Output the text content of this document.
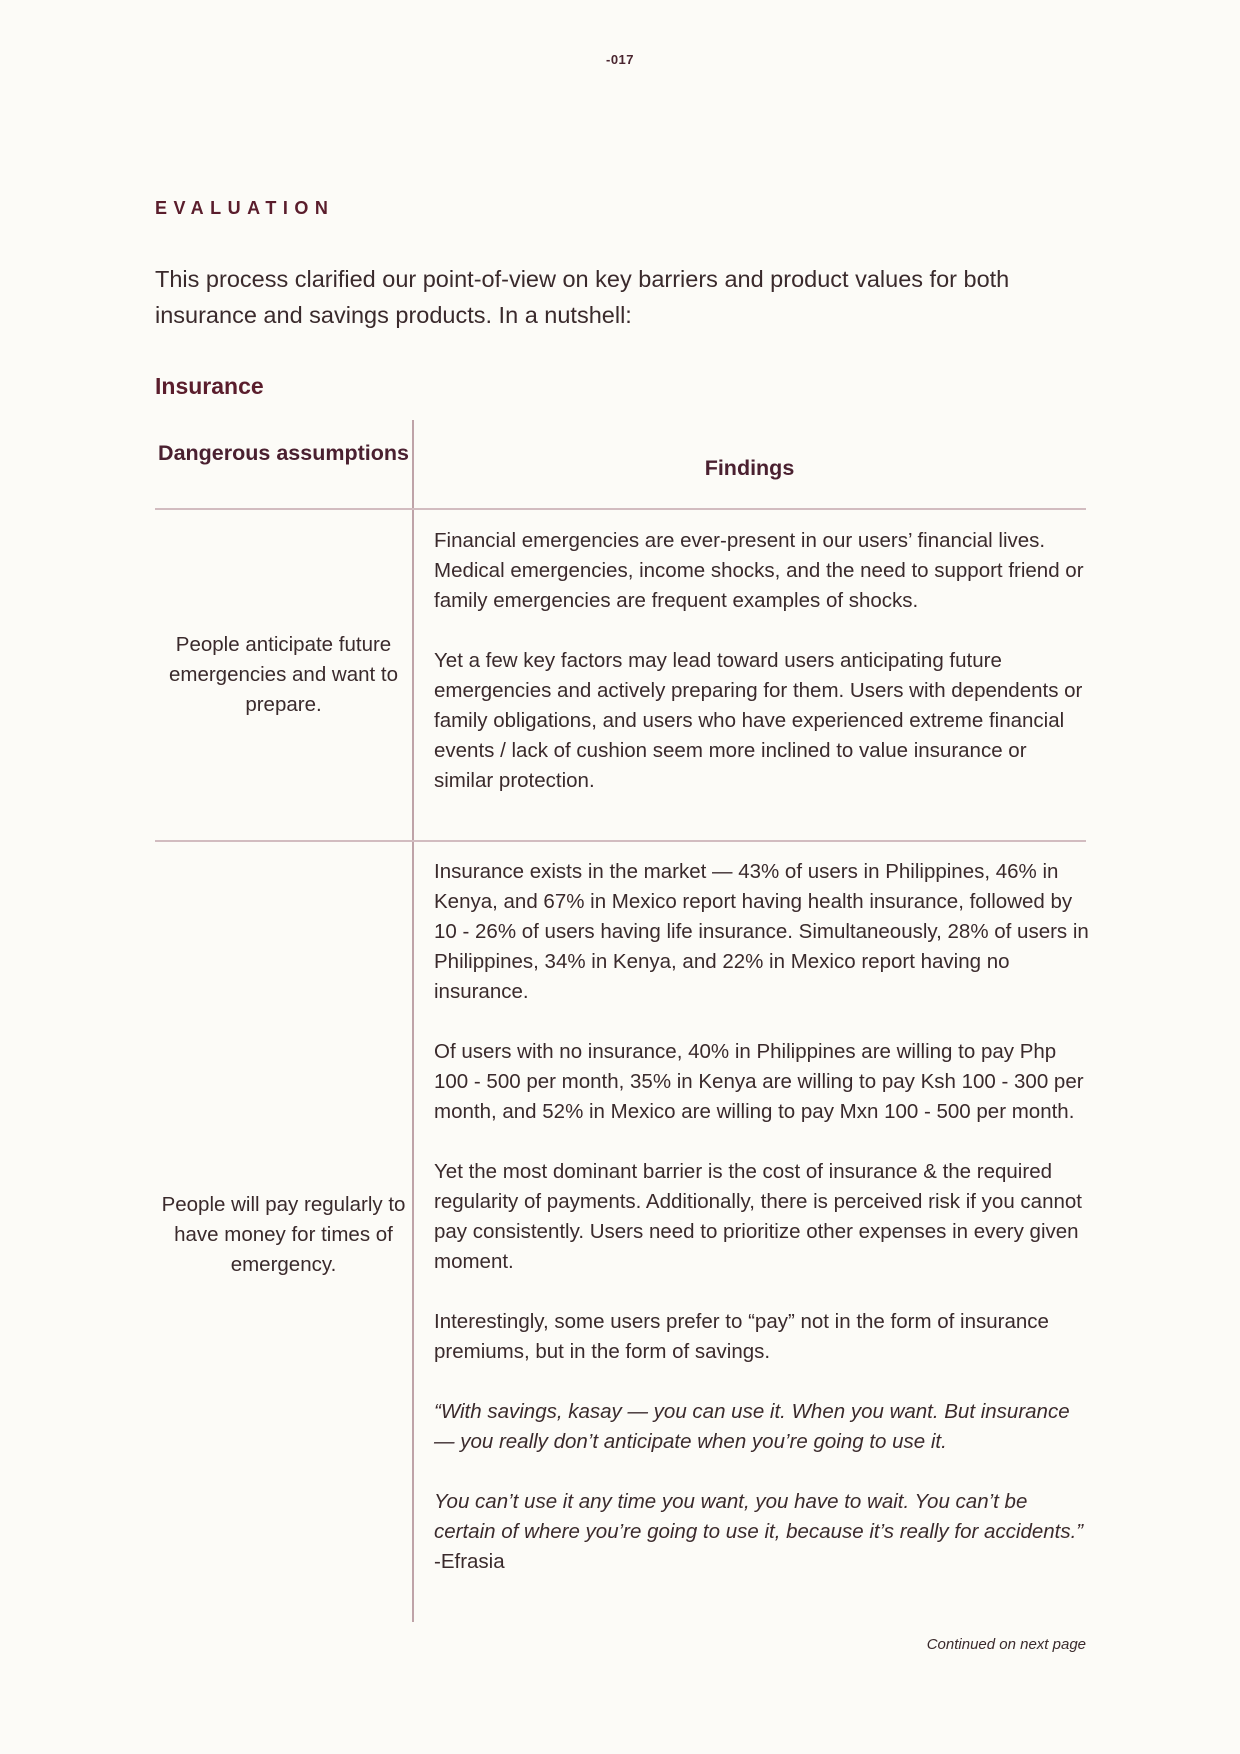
-017
EVALUATION

This process clarified our point-of-view on key barriers and product values for both insurance and savings products. In a nutshell:

Insurance
Dangerous assumptions
Findings
People anticipate future emergencies and want to prepare.

Financial emergencies are ever-present in our users’ financial lives. Medical emergencies, income shocks, and the need to support friend or family emergencies are frequent examples of shocks.

Yet a few key factors may lead toward users anticipating future emergencies and actively preparing for them. Users with dependents or family obligations, and users who have experienced extreme financial events / lack of cushion seem more inclined to value insurance or similar protection.

People will pay regularly to have money for times of emergency.

Insurance exists in the market — 43% of users in Philippines, 46% in Kenya, and 67% in Mexico report having health insurance, followed by 10 - 26% of users having life insurance. Simultaneously, 28% of users in Philippines, 34% in Kenya, and 22% in Mexico report having no insurance.

Of users with no insurance, 40% in Philippines are willing to pay Php 100 - 500 per month, 35% in Kenya are willing to pay Ksh 100 - 300 per month, and 52% in Mexico are willing to pay Mxn 100 - 500 per month.

Yet the most dominant barrier is the cost of insurance & the required regularity of payments. Additionally, there is perceived risk if you cannot pay consistently. Users need to prioritize other expenses in every given moment.

Interestingly, some users prefer to “pay” not in the form of insurance premiums, but in the form of savings.

“With savings, kasay — you can use it. When you want. But insurance — you really don’t anticipate when you’re going to use it.

You can’t use it any time you want, you have to wait. You can’t be certain of where you’re going to use it, because it’s really for accidents.” -Efrasia

Continued on next page
